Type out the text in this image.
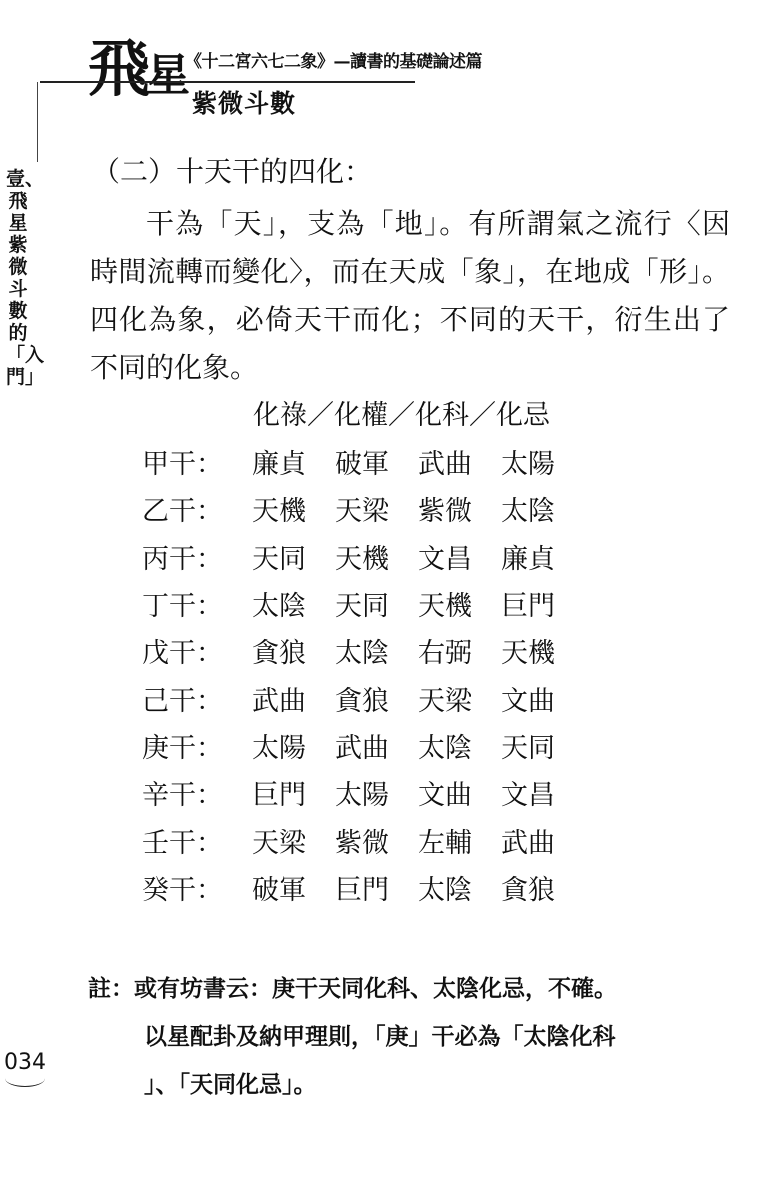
《十二宮六七二象》—讀書的基礎論述篇
飛星
紫微斗數
壹、飛星紫微斗數的「入門」
（二）十天干的四化：
干為「天」，支為「地」。有所謂氣之流行〈因時間流轉而變化〉，而在天成「象」，在地成「形」。四化為象，必倚天干而化；不同的天干，衍生出了不同的化象。
化祿／化權／化科／化忌
甲干：	廉貞	破軍	武曲	太陽
乙干：	天機	天梁	紫微	太陰
丙干：	天同	天機	文昌	廉貞
丁干：	太陰	天同	天機	巨門
戊干：	貪狼	太陰	右弼	天機
己干：	武曲	貪狼	天梁	文曲
庚干：	太陽	武曲	太陰	天同
辛干：	巨門	太陽	文曲	文昌
壬干：	天梁	紫微	左輔	武曲
癸干：	破軍	巨門	太陰	貪狼
註：或有坊書云：庚干天同化科、太陰化忌，不確。
以星配卦及納甲理則，「庚」干必為「太陰化科
」、「天同化忌」。
034
